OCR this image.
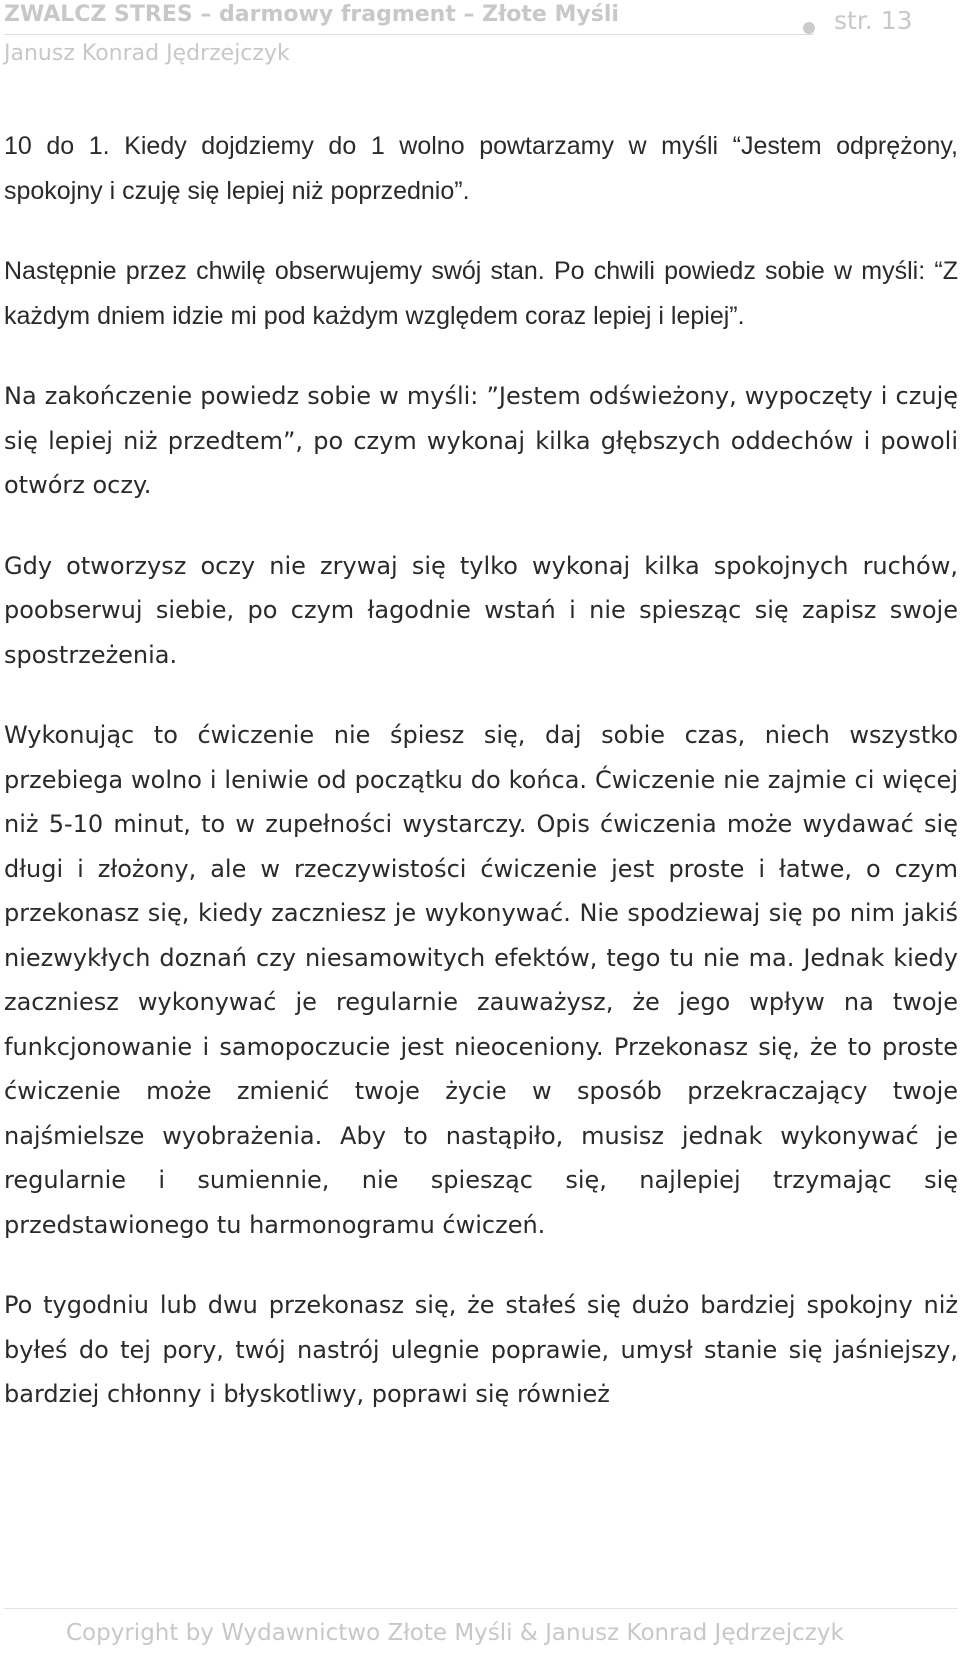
ZWALCZ STRES – darmowy fragment – Złote Myśli	str. 13
Janusz Konrad Jędrzejczyk

10 do 1. Kiedy dojdziemy do 1 wolno powtarzamy w myśli “Jestem odprężony, spokojny i czuję się lepiej niż poprzednio”.

Następnie przez chwilę obserwujemy swój stan. Po chwili powiedz sobie w myśli: “Z każdym dniem idzie mi pod każdym względem coraz lepiej i lepiej”.

Na zakończenie powiedz sobie w myśli: ”Jestem odświeżony, wypoczęty i czuję się lepiej niż przedtem”, po czym wykonaj kilka głębszych oddechów i powoli otwórz oczy.

Gdy otworzysz oczy nie zrywaj się tylko wykonaj kilka spokojnych ruchów, poobserwuj siebie, po czym łagodnie wstań i nie spiesząc się zapisz swoje spostrzeżenia.

Wykonując to ćwiczenie nie śpiesz się, daj sobie czas, niech wszystko przebiega wolno i leniwie od początku do końca. Ćwiczenie nie zajmie ci więcej niż 5-10 minut, to w zupełności wystarczy. Opis ćwiczenia może wydawać się długi i złożony, ale w rzeczywistości ćwiczenie jest proste i łatwe, o czym przekonasz się, kiedy zaczniesz je wykonywać. Nie spodziewaj się po nim jakiś niezwykłych doznań czy niesamowitych efektów, tego tu nie ma. Jednak kiedy zaczniesz wykonywać je regularnie zauważysz, że jego wpływ na twoje funkcjonowanie i samopoczucie jest nieoceniony. Przekonasz się, że to proste ćwiczenie może zmienić twoje życie w sposób przekraczający twoje najśmielsze wyobrażenia. Aby to nastąpiło, musisz jednak wykonywać je regularnie i sumiennie, nie spiesząc się, najlepiej trzymając się przedstawionego tu harmonogramu ćwiczeń.

Po tygodniu lub dwu przekonasz się, że stałeś się dużo bardziej spokojny niż byłeś do tej pory, twój nastrój ulegnie poprawie, umysł stanie się jaśniejszy, bardziej chłonny i błyskotliwy, poprawi się również

Copyright by Wydawnictwo Złote Myśli & Janusz Konrad Jędrzejczyk
